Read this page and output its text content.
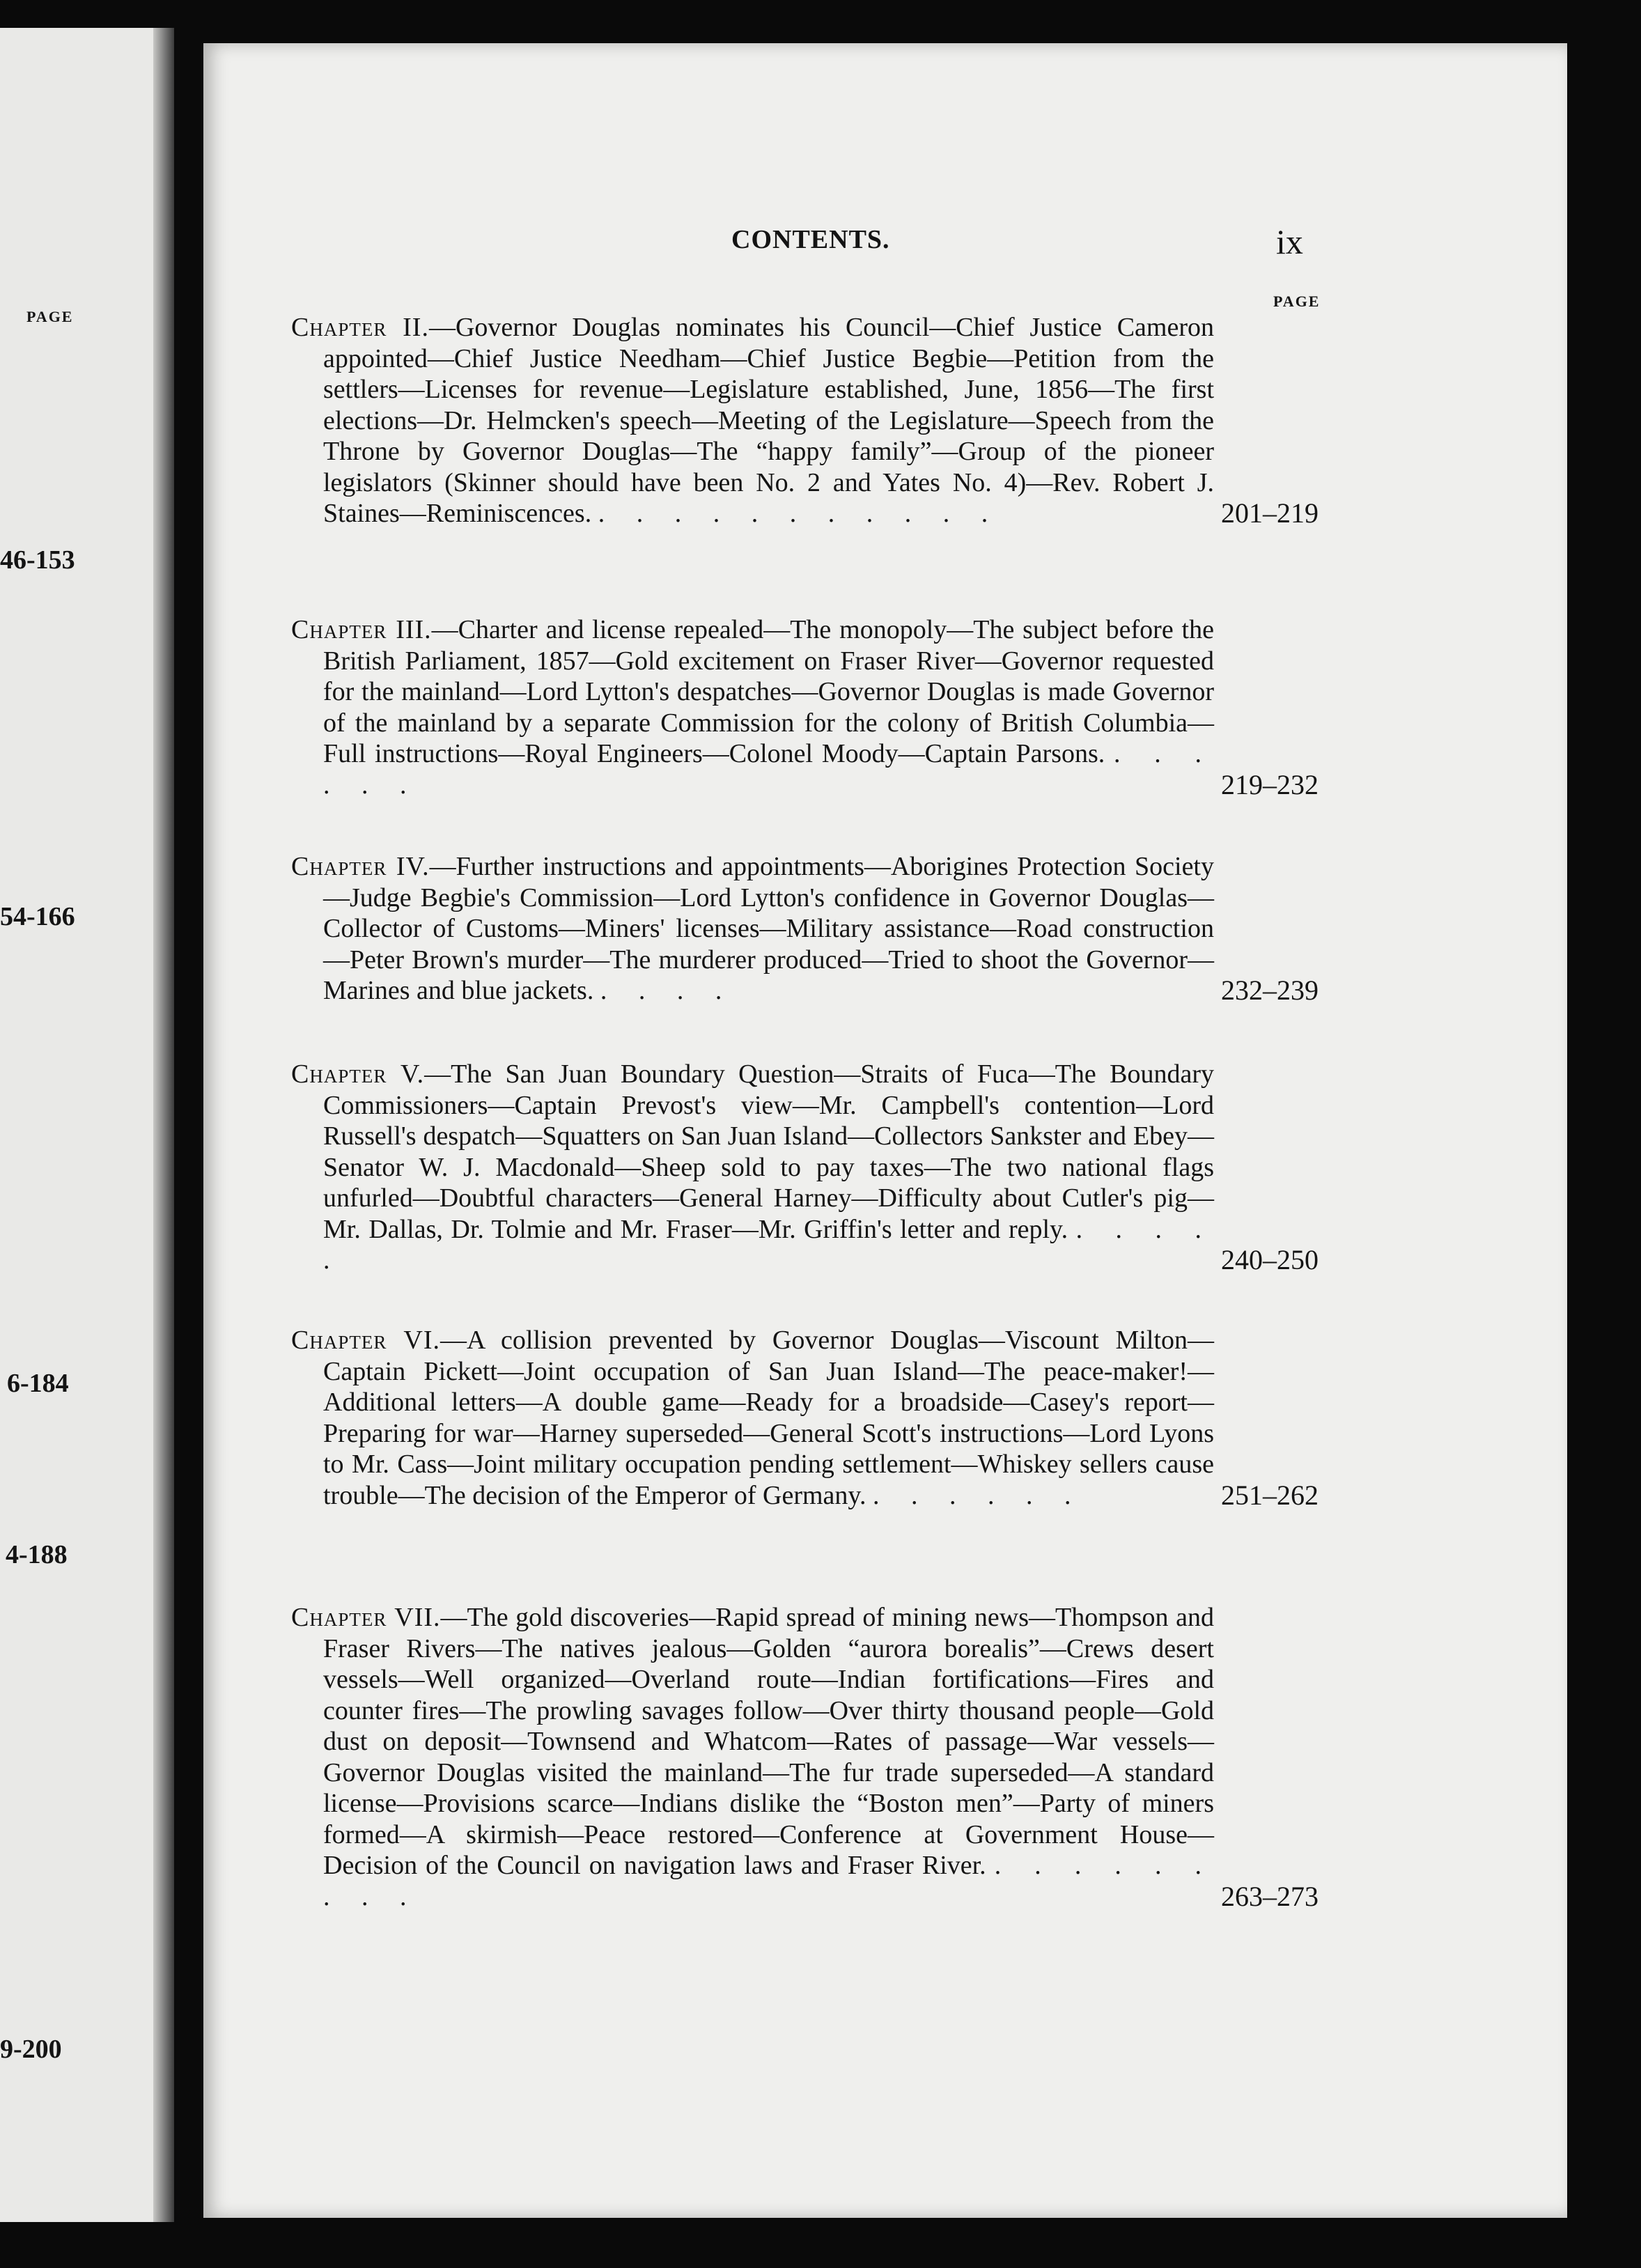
PAGE
46-153
54-166
6-184
4-188
9-200
CONTENTS.	ix
PAGE
Chapter II.—Governor Douglas nominates his Council—Chief Justice Cameron appointed—Chief Justice Needham—Chief Justice Begbie—Petition from the settlers—Licenses for revenue—Legislature established, June, 1856—The first elections—Dr. Helmcken's speech—Meeting of the Legislature—Speech from the Throne by Governor Douglas—The “happy family”—Group of the pioneer legislators (Skinner should have been No. 2 and Yates No. 4)—Rev. Robert J. Staines—Reminiscences. . . . . . . . . . . .	201–219
Chapter III.—Charter and license repealed—The monopoly—The subject before the British Parliament, 1857—Gold excitement on Fraser River—Governor requested for the mainland—Lord Lytton's despatches—Governor Douglas is made Governor of the mainland by a separate Commission for the colony of British Columbia—Full instructions—Royal Engineers—Colonel Moody—Captain Parsons. . . . . . .	219–232
Chapter IV.—Further instructions and appointments—Aborigines Protection Society—Judge Begbie's Commission—Lord Lytton's confidence in Governor Douglas—Collector of Customs—Miners' licenses—Military assistance—Road construction—Peter Brown's murder—The murderer produced—Tried to shoot the Governor—Marines and blue jackets. . . . .	232–239
Chapter V.—The San Juan Boundary Question—Straits of Fuca—The Boundary Commissioners—Captain Prevost's view—Mr. Campbell's contention—Lord Russell's despatch—Squatters on San Juan Island—Collectors Sankster and Ebey—Senator W. J. Macdonald—Sheep sold to pay taxes—The two national flags unfurled—Doubtful characters—General Harney—Difficulty about Cutler's pig—Mr. Dallas, Dr. Tolmie and Mr. Fraser—Mr. Griffin's letter and reply. . . . . .	240–250
Chapter VI.—A collision prevented by Governor Douglas—Viscount Milton—Captain Pickett—Joint occupation of San Juan Island—The peace-maker!—Additional letters—A double game—Ready for a broadside—Casey's report—Preparing for war—Harney superseded—General Scott's instructions—Lord Lyons to Mr. Cass—Joint military occupation pending settlement—Whiskey sellers cause trouble—The decision of the Emperor of Germany. . . . . . .	251–262
Chapter VII.—The gold discoveries—Rapid spread of mining news—Thompson and Fraser Rivers—The natives jealous—Golden “aurora borealis”—Crews desert vessels—Well organized—Overland route—Indian fortifications—Fires and counter fires—The prowling savages follow—Over thirty thousand people—Gold dust on deposit—Townsend and Whatcom—Rates of passage—War vessels—Governor Douglas visited the mainland—The fur trade superseded—A standard license—Provisions scarce—Indians dislike the “Boston men”—Party of miners formed—A skirmish—Peace restored—Conference at Government House—Decision of the Council on navigation laws and Fraser River. . . . . . . . . .	263–273
